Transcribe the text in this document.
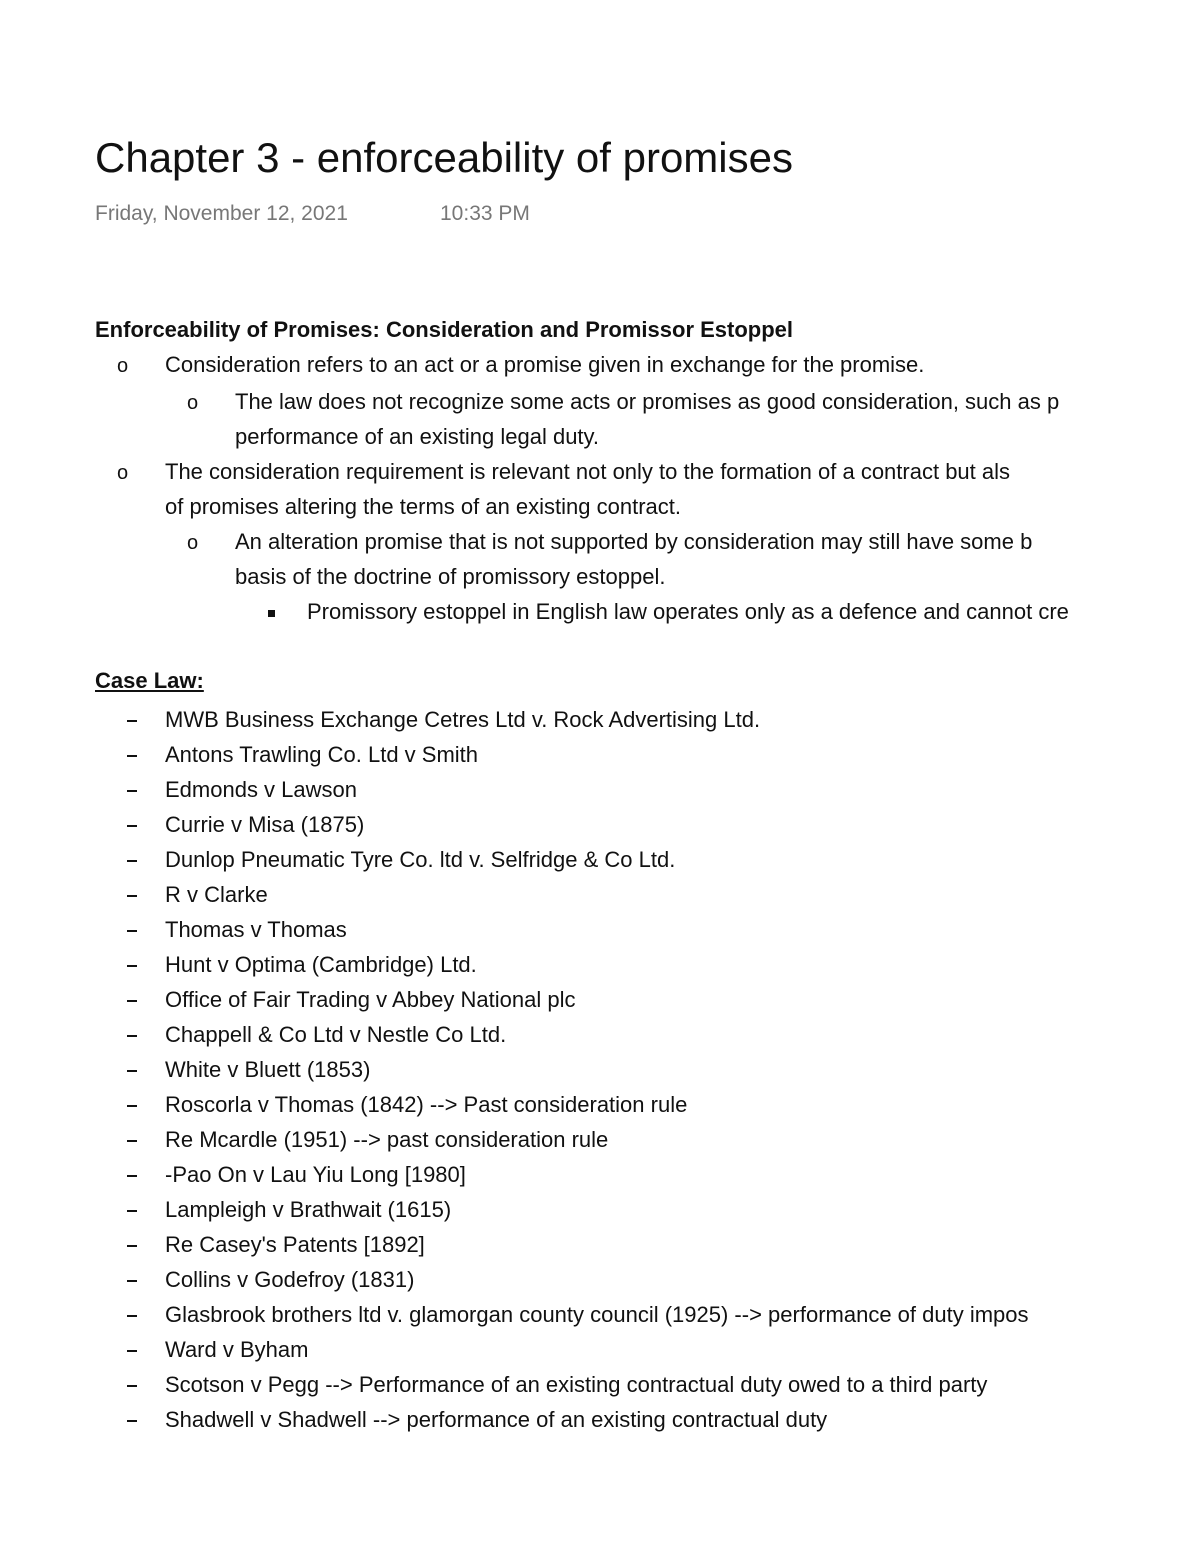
Chapter 3 - enforceability of promises
Friday, November 12, 2021	10:33 PM
Enforceability of Promises: Consideration and Promissor Estoppel
o Consideration refers to an act or a promise given in exchange for the promise.
o The law does not recognize some acts or promises as good consideration, such as p
performance of an existing legal duty.
o The consideration requirement is relevant not only to the formation of a contract but als
of promises altering the terms of an existing contract.
o An alteration promise that is not supported by consideration may still have some b
basis of the doctrine of promissory estoppel.
Promissory estoppel in English law operates only as a defence and cannot cre
Case Law:
MWB Business Exchange Cetres Ltd v. Rock Advertising Ltd.
Antons Trawling Co. Ltd v Smith
Edmonds v Lawson
Currie v Misa (1875)
Dunlop Pneumatic Tyre Co. ltd v. Selfridge & Co Ltd.
R v Clarke
Thomas v Thomas
Hunt v Optima (Cambridge) Ltd.
Office of Fair Trading v Abbey National plc
Chappell & Co Ltd v Nestle Co Ltd.
White v Bluett (1853)
Roscorla v Thomas (1842) --> Past consideration rule
Re Mcardle (1951) --> past consideration rule
-Pao On v Lau Yiu Long [1980]
Lampleigh v Brathwait (1615)
Re Casey's Patents [1892]
Collins v Godefroy (1831)
Glasbrook brothers ltd v. glamorgan county council (1925) --> performance of duty impos
Ward v Byham
Scotson v Pegg --> Performance of an existing contractual duty owed to a third party
Shadwell v Shadwell --> performance of an existing contractual duty
